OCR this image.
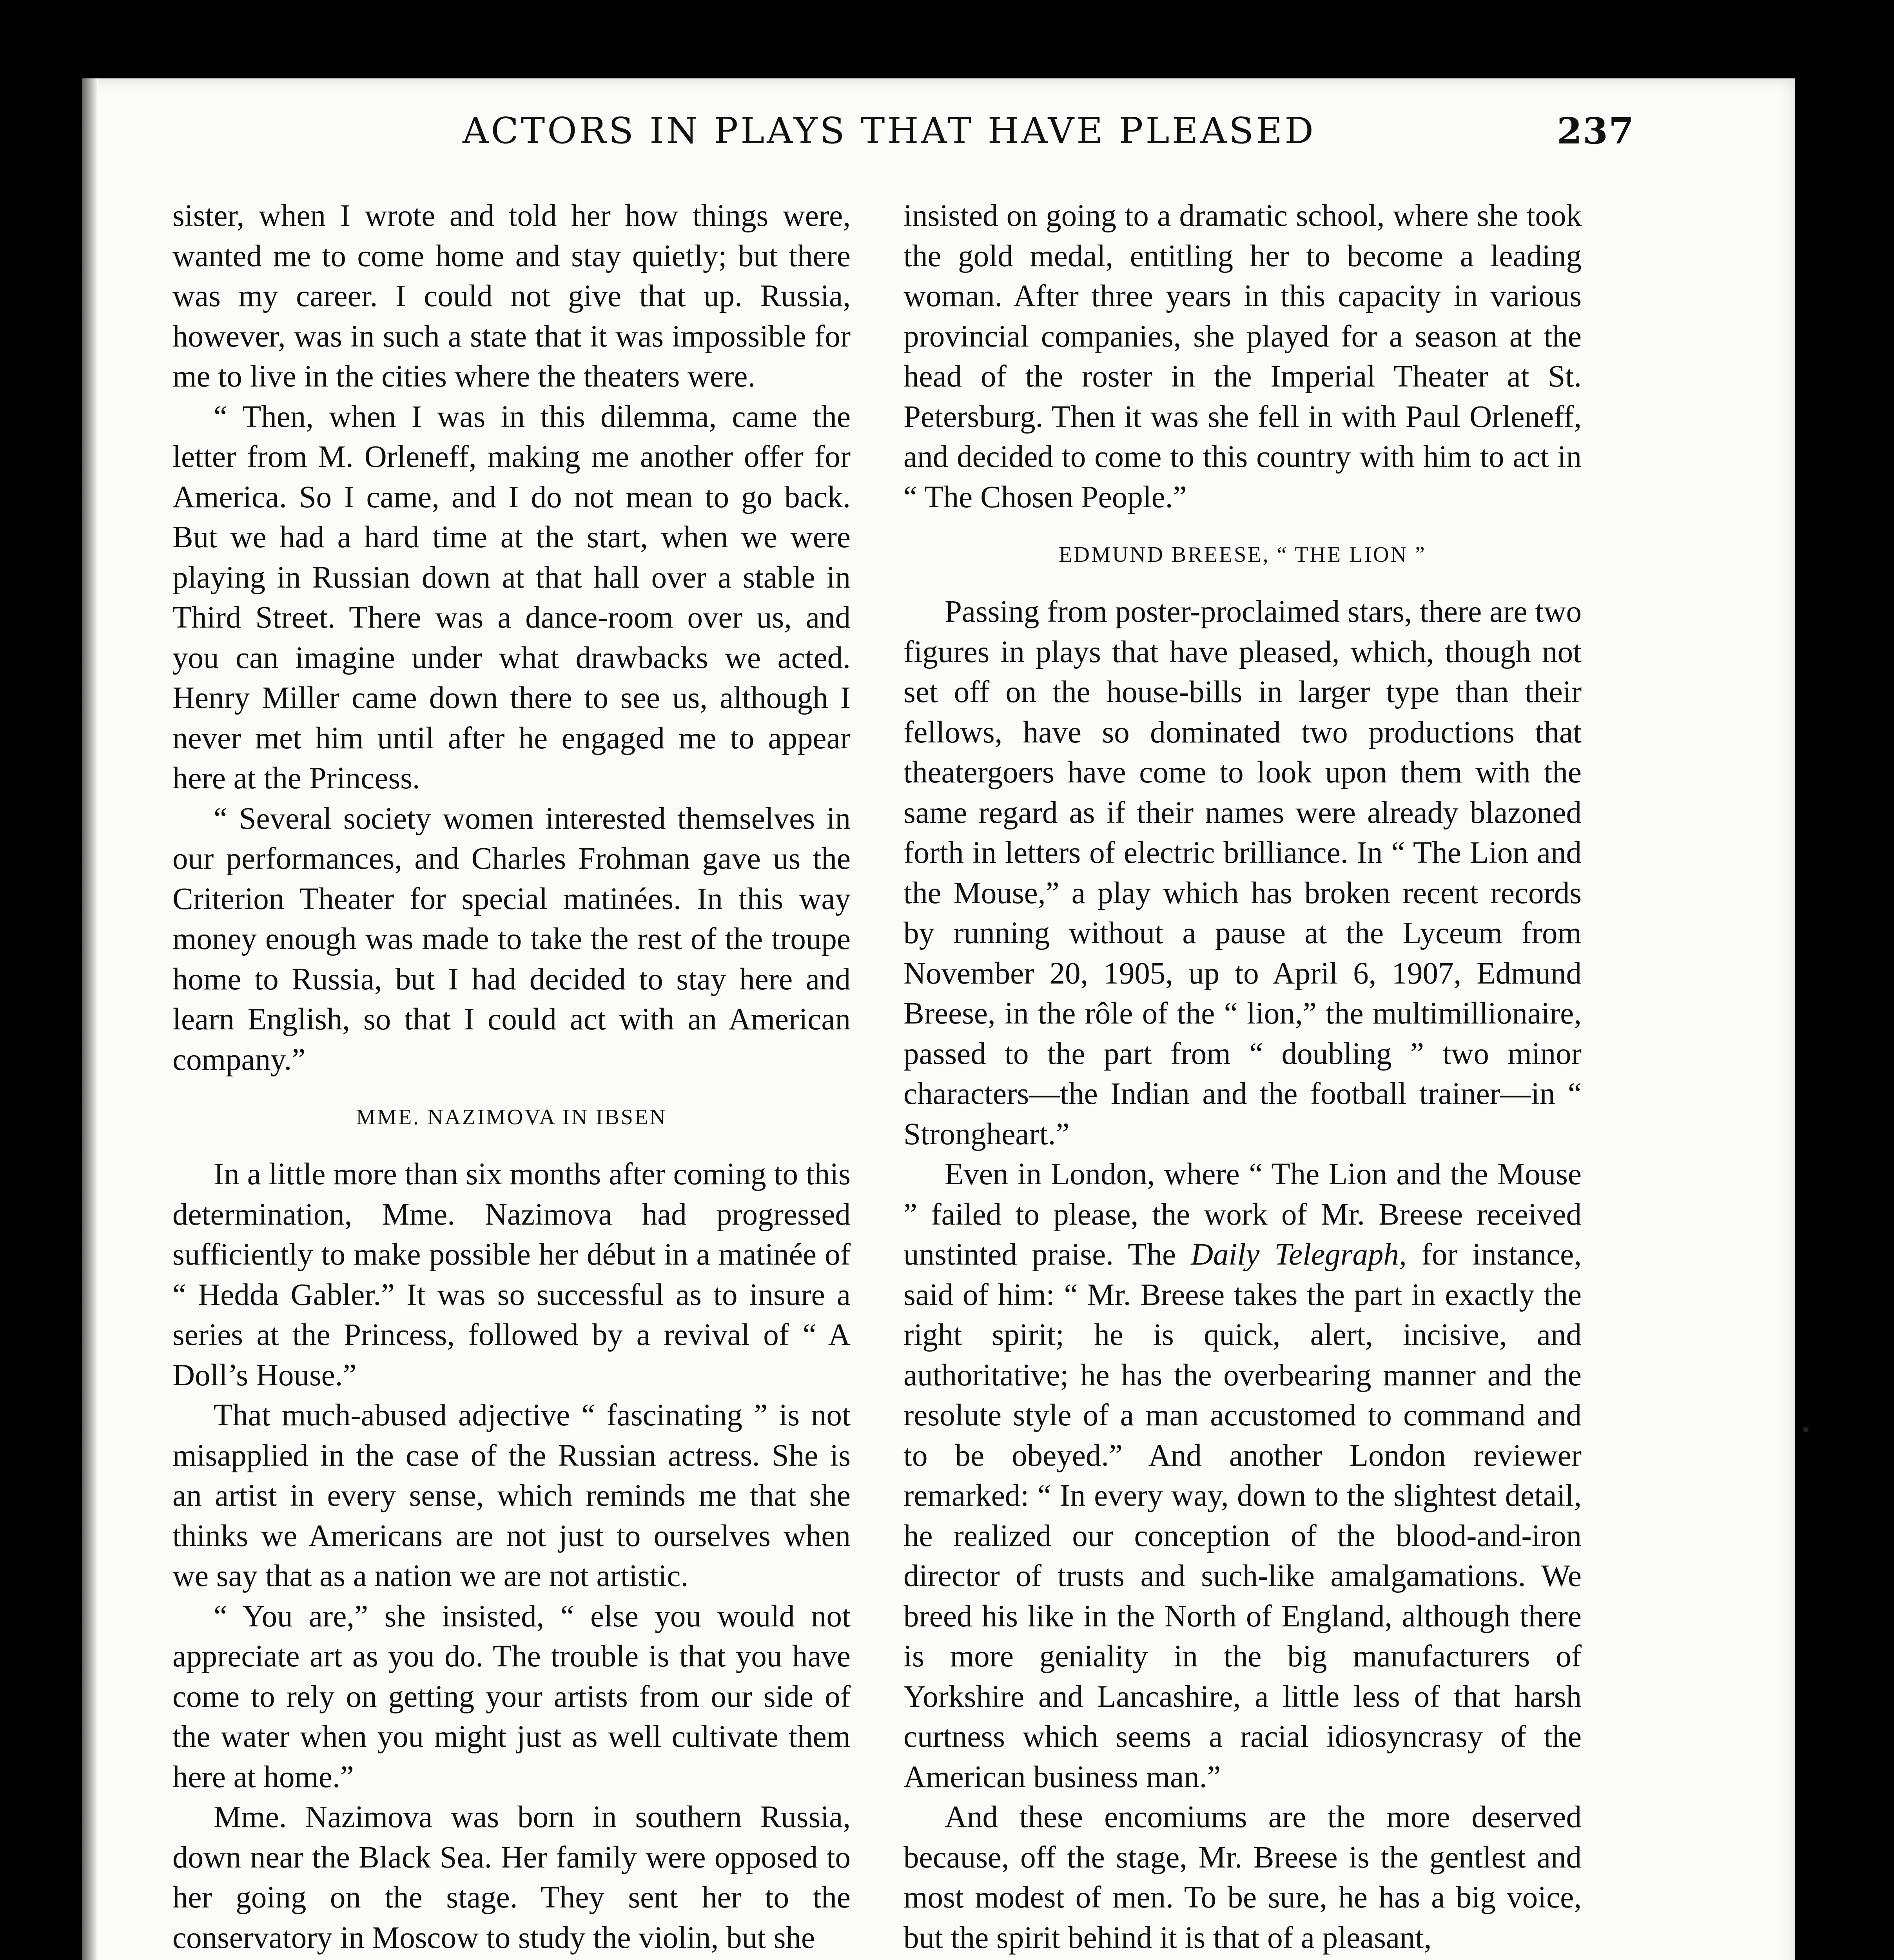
ACTORS IN PLAYS THAT HAVE PLEASED	237

sister, when I wrote and told her how things were, wanted me to come home and stay quietly; but there was my career. I could not give that up. Russia, however, was in such a state that it was impossible for me to live in the cities where the theaters were.

“ Then, when I was in this dilemma, came the letter from M. Orleneff, making me another offer for America. So I came, and I do not mean to go back. But we had a hard time at the start, when we were playing in Russian down at that hall over a stable in Third Street. There was a dance-room over us, and you can imagine under what drawbacks we acted. Henry Miller came down there to see us, although I never met him until after he engaged me to appear here at the Princess.

“ Several society women interested themselves in our performances, and Charles Frohman gave us the Criterion Theater for special matinées. In this way money enough was made to take the rest of the troupe home to Russia, but I had decided to stay here and learn English, so that I could act with an American company.”

MME. NAZIMOVA IN IBSEN

In a little more than six months after coming to this determination, Mme. Nazimova had progressed sufficiently to make possible her début in a matinée of “ Hedda Gabler.” It was so successful as to insure a series at the Princess, followed by a revival of “ A Doll’s House.”

That much-abused adjective “ fascinating ” is not misapplied in the case of the Russian actress. She is an artist in every sense, which reminds me that she thinks we Americans are not just to ourselves when we say that as a nation we are not artistic.

“ You are,” she insisted, “ else you would not appreciate art as you do. The trouble is that you have come to rely on getting your artists from our side of the water when you might just as well cultivate them here at home.”

Mme. Nazimova was born in southern Russia, down near the Black Sea. Her family were opposed to her going on the stage. They sent her to the conservatory in Moscow to study the violin, but she

insisted on going to a dramatic school, where she took the gold medal, entitling her to become a leading woman. After three years in this capacity in various provincial companies, she played for a season at the head of the roster in the Imperial Theater at St. Petersburg. Then it was she fell in with Paul Orleneff, and decided to come to this country with him to act in “ The Chosen People.”

EDMUND BREESE, “ THE LION ”

Passing from poster-proclaimed stars, there are two figures in plays that have pleased, which, though not set off on the house-bills in larger type than their fellows, have so dominated two productions that theatergoers have come to look upon them with the same regard as if their names were already blazoned forth in letters of electric brilliance. In “ The Lion and the Mouse,” a play which has broken recent records by running without a pause at the Lyceum from November 20, 1905, up to April 6, 1907, Edmund Breese, in the rôle of the “ lion,” the multimillionaire, passed to the part from “ doubling ” two minor characters—the Indian and the football trainer—in “ Strongheart.”

Even in London, where “ The Lion and the Mouse ” failed to please, the work of Mr. Breese received unstinted praise. The Daily Telegraph, for instance, said of him: “ Mr. Breese takes the part in exactly the right spirit; he is quick, alert, incisive, and authoritative; he has the overbearing manner and the resolute style of a man accustomed to command and to be obeyed.” And another London reviewer remarked: “ In every way, down to the slightest detail, he realized our conception of the blood-and-iron director of trusts and such-like amalgamations. We breed his like in the North of England, although there is more geniality in the big manufacturers of Yorkshire and Lancashire, a little less of that harsh curtness which seems a racial idiosyncrasy of the American business man.”

And these encomiums are the more deserved because, off the stage, Mr. Breese is the gentlest and most modest of men. To be sure, he has a big voice, but the spirit behind it is that of a pleasant,
